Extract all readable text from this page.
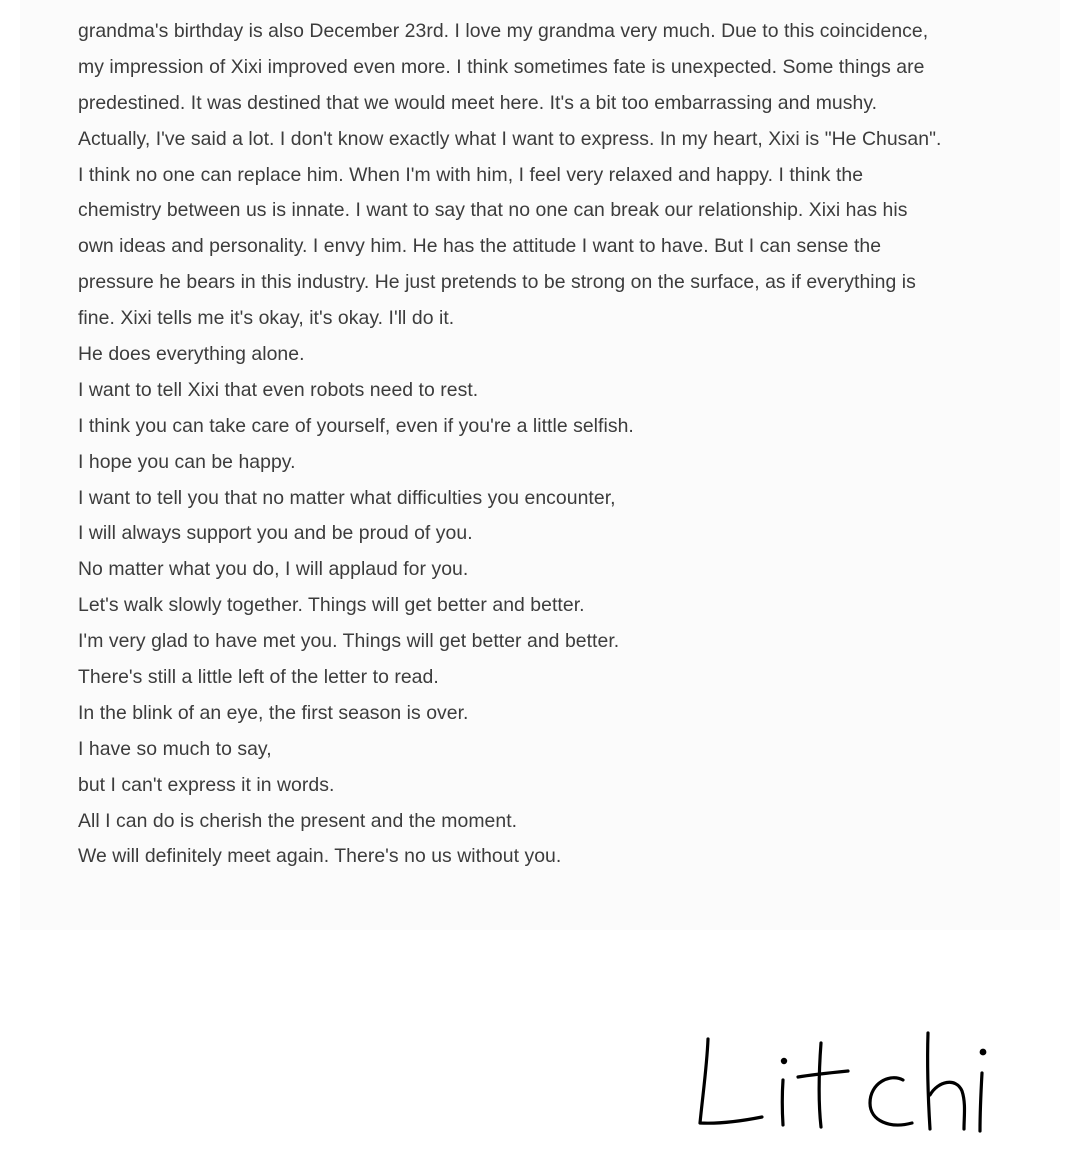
grandma's birthday is also December 23rd. I love my grandma very much. Due to this coincidence,
my impression of Xixi improved even more. I think sometimes fate is unexpected. Some things are
predestined. It was destined that we would meet here. It's a bit too embarrassing and mushy.
Actually, I've said a lot. I don't know exactly what I want to express. In my heart, Xixi is "He Chusan".
I think no one can replace him. When I'm with him, I feel very relaxed and happy. I think the
chemistry between us is innate. I want to say that no one can break our relationship. Xixi has his
own ideas and personality. I envy him. He has the attitude I want to have. But I can sense the
pressure he bears in this industry. He just pretends to be strong on the surface, as if everything is
fine. Xixi tells me it's okay, it's okay. I'll do it.
He does everything alone.
I want to tell Xixi that even robots need to rest.
I think you can take care of yourself, even if you're a little selfish.
I hope you can be happy.
I want to tell you that no matter what difficulties you encounter,
I will always support you and be proud of you.
No matter what you do, I will applaud for you.
Let's walk slowly together. Things will get better and better.
I'm very glad to have met you. Things will get better and better.
There's still a little left of the letter to read.
In the blink of an eye, the first season is over.
I have so much to say,
but I can't express it in words.
All I can do is cherish the present and the moment.
We will definitely meet again. There's no us without you.
